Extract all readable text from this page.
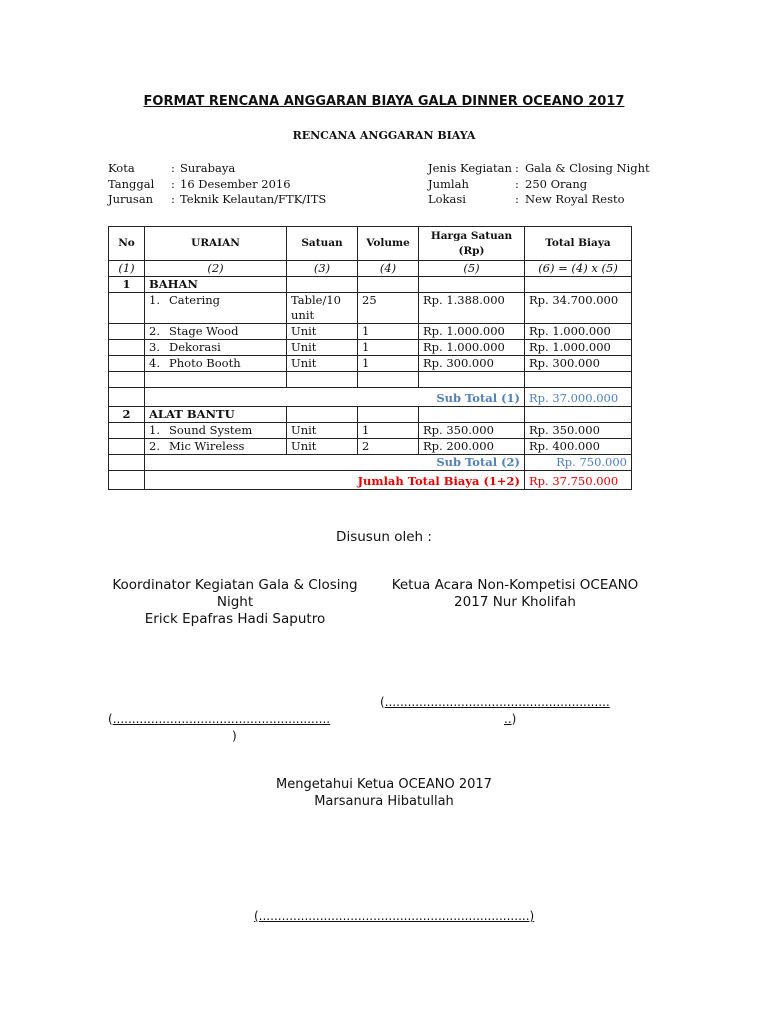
FORMAT RENCANA ANGGARAN BIAYA GALA DINNER OCEANO 2017
RENCANA ANGGARAN BIAYA
Kota	:	Surabaya
Tanggal	:	16 Desember 2016
Jurusan	:	Teknik Kelautan/FTK/ITS
Jenis Kegiatan	:	Gala & Closing Night
Jumlah	:	250 Orang
Lokasi	:	New Royal Resto
No	URAIAN	Satuan	Volume	Harga Satuan (Rp)	Total Biaya
(1)	(2)	(3)	(4)	(5)	(6) = (4) x (5)
1	BAHAN				
	1. Catering	Table/10 unit	25	Rp. 1.388.000	Rp. 34.700.000
	2. Stage Wood	Unit	1	Rp. 1.000.000	Rp. 1.000.000
	3. Dekorasi	Unit	1	Rp. 1.000.000	Rp. 1.000.000
	4. Photo Booth	Unit	1	Rp. 300.000	Rp. 300.000

	Sub Total (1)				Rp. 37.000.000
2	ALAT BANTU				
	1. Sound System	Unit	1	Rp. 350.000	Rp. 350.000
	2. Mic Wireless	Unit	2	Rp. 200.000	Rp. 400.000
	Sub Total (2)				Rp. 750.000
	Jumlah Total Biaya (1+2)				Rp. 37.750.000
Disusun oleh :
Koordinator Kegiatan Gala & Closing Night
Erick Epafras Hadi Saputro
Ketua Acara Non-Kompetisi OCEANO 2017 Nur Kholifah
(.........................................................
)
(...........................................................
..)
Mengetahui Ketua OCEANO 2017
Marsanura Hibatullah
(.......................................................................)
